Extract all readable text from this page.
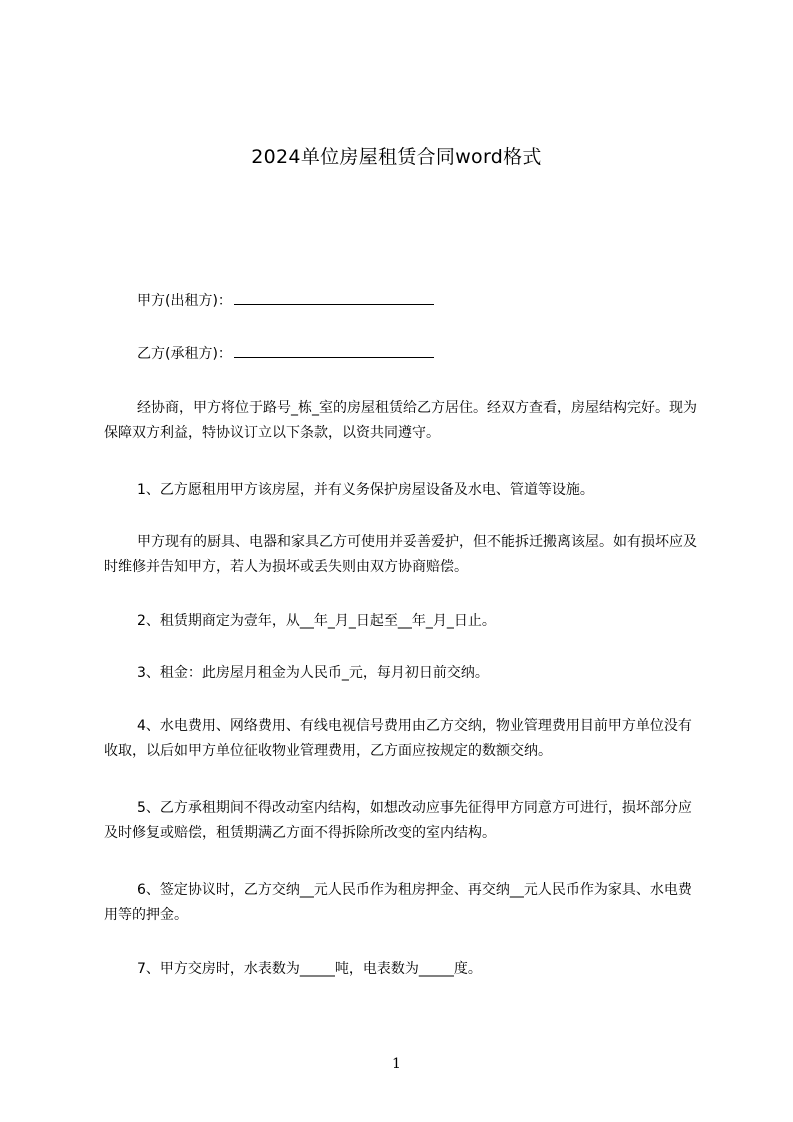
2024单位房屋租赁合同word格式
甲方(出租方)：
乙方(承租方)：

经协商，甲方将位于路号_栋_室的房屋租赁给乙方居住。经双方查看，房屋结构完好。现为保障双方利益，特协议订立以下条款，以资共同遵守。

1、乙方愿租用甲方该房屋，并有义务保护房屋设备及水电、管道等设施。

甲方现有的厨具、电器和家具乙方可使用并妥善爱护，但不能拆迁搬离该屋。如有损坏应及时维修并告知甲方，若人为损坏或丢失则由双方协商赔偿。

2、租赁期商定为壹年，从__年_月_日起至__年_月_日止。

3、租金：此房屋月租金为人民币_元，每月初日前交纳。

4、水电费用、网络费用、有线电视信号费用由乙方交纳，物业管理费用目前甲方单位没有收取，以后如甲方单位征收物业管理费用，乙方面应按规定的数额交纳。

5、乙方承租期间不得改动室内结构，如想改动应事先征得甲方同意方可进行，损坏部分应及时修复或赔偿，租赁期满乙方面不得拆除所改变的室内结构。

6、签定协议时，乙方交纳__元人民币作为租房押金、再交纳__元人民币作为家具、水电费用等的押金。

7、甲方交房时，水表数为_____吨，电表数为_____度。

1
